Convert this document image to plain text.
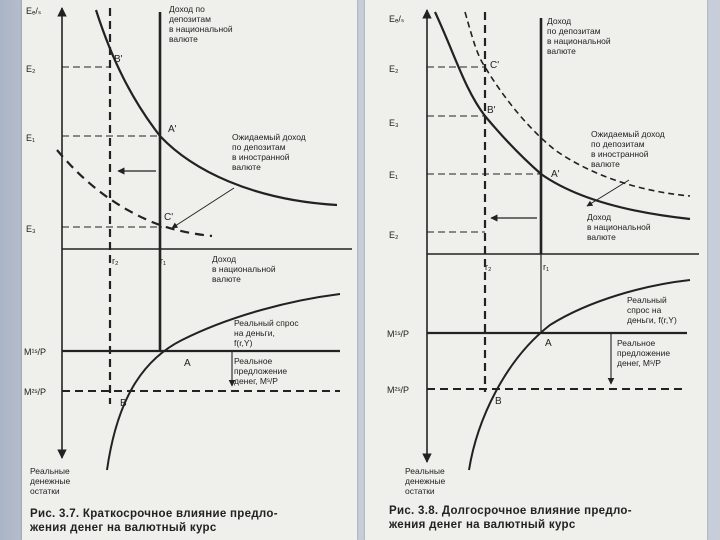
Eₑ/ₛ
E₂
E₁
E₃
r₂	r₁
B'
A'
C'
Доход по
депозитам
в национальной
валюте
Ожидаемый доход
по депозитам
в иностранной
валюте
Доход
в национальной
валюте
A
B
M¹ˢ/P
M²ˢ/P
Реальный спрос
на деньги,
f(r,Y)
Реальное
предложение
денег, Mˢ/P
Реальные
денежные
остатки
Рис. 3.7. Краткосрочное влияние предло-
жения денег на валютный курс
Eₑ/ₛ
E₂
E₃
E₁
E₂
r₂	r₁
C'
B'
A'
Доход
по депозитам
в национальной
валюте
Ожидаемый доход
по депозитам
в иностранной
валюте
Доход
в национальной
валюте
A
B
M¹ˢ/P
M²ˢ/P
Реальный
спрос на
деньги, f(r,Y)
Реальное
предложение
денег, Mˢ/P
Реальные
денежные
остатки
Рис. 3.8. Долгосрочное влияние предло-
жения денег на валютный курс
